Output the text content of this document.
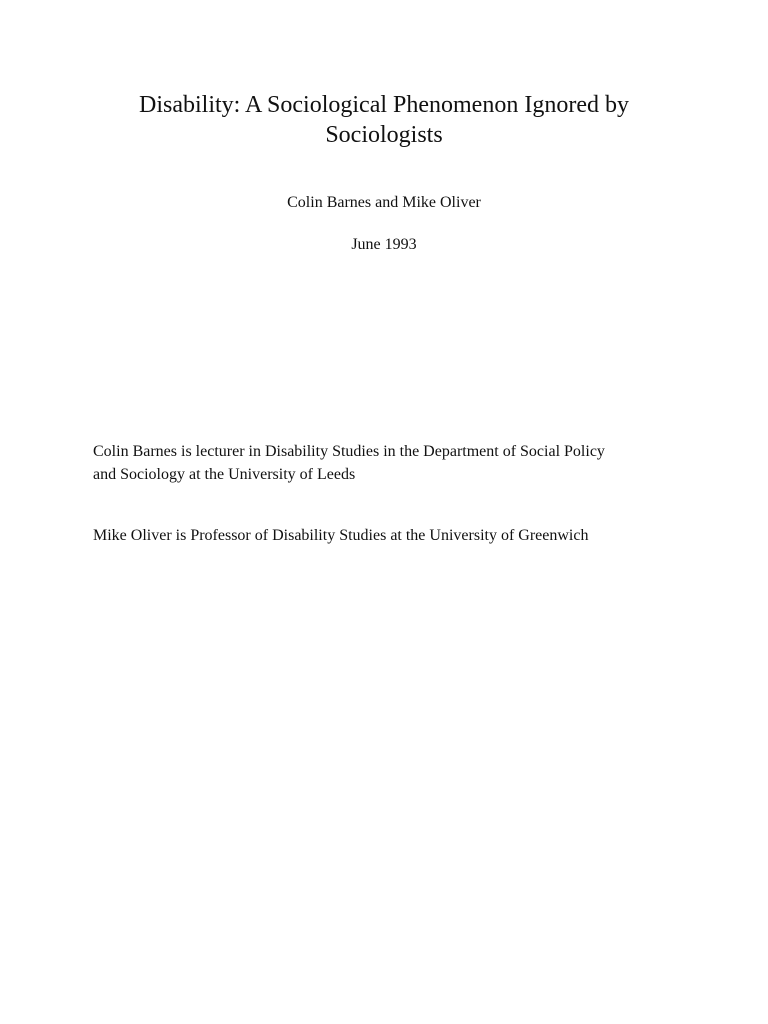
Disability: A Sociological Phenomenon Ignored by
Sociologists

Colin Barnes and Mike Oliver

June 1993

Colin Barnes is lecturer in Disability Studies in the Department of Social Policy
and Sociology at the University of Leeds

Mike Oliver is Professor of Disability Studies at the University of Greenwich
